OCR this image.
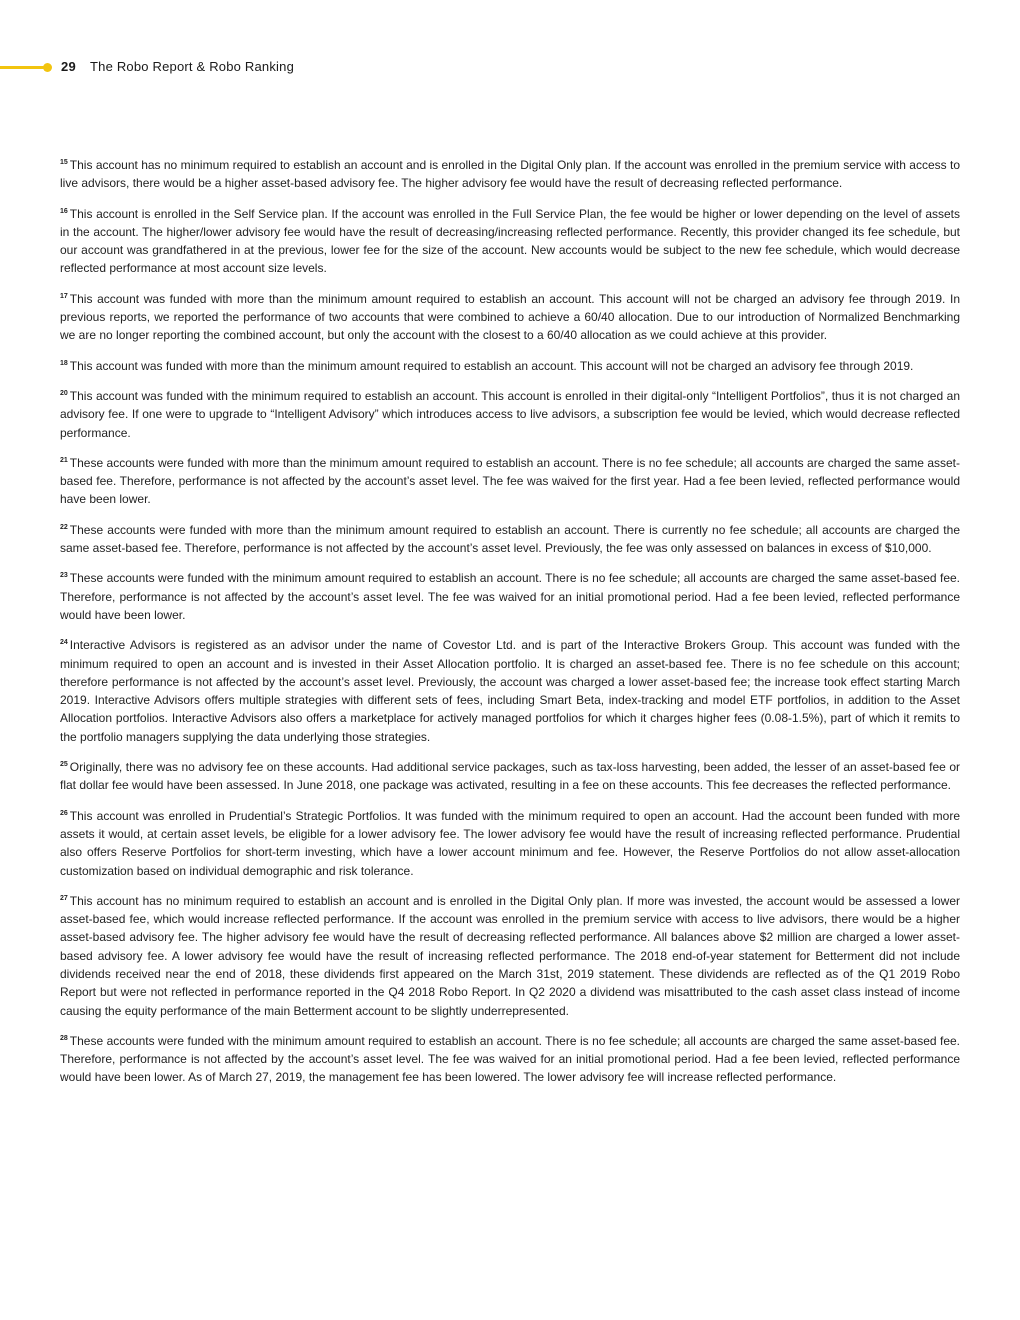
29 The Robo Report & Robo Ranking

$^{15}$ This account has no minimum required to establish an account and is enrolled in the Digital Only plan. If the account was enrolled in the premium service with access to live advisors, there would be a higher asset-based advisory fee. The higher advisory fee would have the result of decreasing reflected performance.

$^{16}$ This account is enrolled in the Self Service plan. If the account was enrolled in the Full Service Plan, the fee would be higher or lower depending on the level of assets in the account. The higher/lower advisory fee would have the result of decreasing/increasing reflected performance. Recently, this provider changed its fee schedule, but our account was grandfathered in at the previous, lower fee for the size of the account. New accounts would be subject to the new fee schedule, which would decrease reflected performance at most account size levels.

$^{17}$ This account was funded with more than the minimum amount required to establish an account. This account will not be charged an advisory fee through 2019. In previous reports, we reported the performance of two accounts that were combined to achieve a 60/40 allocation. Due to our introduction of Normalized Benchmarking we are no longer reporting the combined account, but only the account with the closest to a 60/40 allocation as we could achieve at this provider.

$^{18}$ This account was funded with more than the minimum amount required to establish an account. This account will not be charged an advisory fee through 2019.

$^{20}$ This account was funded with the minimum required to establish an account. This account is enrolled in their digital-only “Intelligent Portfolios”, thus it is not charged an advisory fee. If one were to upgrade to “Intelligent Advisory” which introduces access to live advisors, a subscription fee would be levied, which would decrease reflected performance.

$^{21}$ These accounts were funded with more than the minimum amount required to establish an account. There is no fee schedule; all accounts are charged the same asset-based fee. Therefore, performance is not affected by the account’s asset level. The fee was waived for the first year. Had a fee been levied, reflected performance would have been lower.

$^{22}$ These accounts were funded with more than the minimum amount required to establish an account. There is currently no fee schedule; all accounts are charged the same asset-based fee. Therefore, performance is not affected by the account’s asset level. Previously, the fee was only assessed on balances in excess of $10,000.

$^{23}$ These accounts were funded with the minimum amount required to establish an account. There is no fee schedule; all accounts are charged the same asset-based fee. Therefore, performance is not affected by the account’s asset level. The fee was waived for an initial promotional period. Had a fee been levied, reflected performance would have been lower.

$^{24}$ Interactive Advisors is registered as an advisor under the name of Covestor Ltd. and is part of the Interactive Brokers Group. This account was funded with the minimum required to open an account and is invested in their Asset Allocation portfolio. It is charged an asset-based fee. There is no fee schedule on this account; therefore performance is not affected by the account’s asset level. Previously, the account was charged a lower asset-based fee; the increase took effect starting March 2019. Interactive Advisors offers multiple strategies with different sets of fees, including Smart Beta, index-tracking and model ETF portfolios, in addition to the Asset Allocation portfolios. Interactive Advisors also offers a marketplace for actively managed portfolios for which it charges higher fees (0.08-1.5%), part of which it remits to the portfolio managers supplying the data underlying those strategies.

$^{25}$ Originally, there was no advisory fee on these accounts. Had additional service packages, such as tax-loss harvesting, been added, the lesser of an asset-based fee or flat dollar fee would have been assessed. In June 2018, one package was activated, resulting in a fee on these accounts. This fee decreases the reflected performance.

$^{26}$ This account was enrolled in Prudential’s Strategic Portfolios. It was funded with the minimum required to open an account. Had the account been funded with more assets it would, at certain asset levels, be eligible for a lower advisory fee. The lower advisory fee would have the result of increasing reflected performance. Prudential also offers Reserve Portfolios for short-term investing, which have a lower account minimum and fee. However, the Reserve Portfolios do not allow asset-allocation customization based on individual demographic and risk tolerance.

$^{27}$ This account has no minimum required to establish an account and is enrolled in the Digital Only plan. If more was invested, the account would be assessed a lower asset-based fee, which would increase reflected performance. If the account was enrolled in the premium service with access to live advisors, there would be a higher asset-based advisory fee. The higher advisory fee would have the result of decreasing reflected performance. All balances above $2 million are charged a lower asset-based advisory fee. A lower advisory fee would have the result of increasing reflected performance. The 2018 end-of-year statement for Betterment did not include dividends received near the end of 2018, these dividends first appeared on the March 31st, 2019 statement. These dividends are reflected as of the Q1 2019 Robo Report but were not reflected in performance reported in the Q4 2018 Robo Report. In Q2 2020 a dividend was misattributed to the cash asset class instead of income causing the equity performance of the main Betterment account to be slightly underrepresented.

$^{28}$ These accounts were funded with the minimum amount required to establish an account. There is no fee schedule; all accounts are charged the same asset-based fee. Therefore, performance is not affected by the account’s asset level. The fee was waived for an initial promotional period. Had a fee been levied, reflected performance would have been lower. As of March 27, 2019, the management fee has been lowered. The lower advisory fee will increase reflected performance.
